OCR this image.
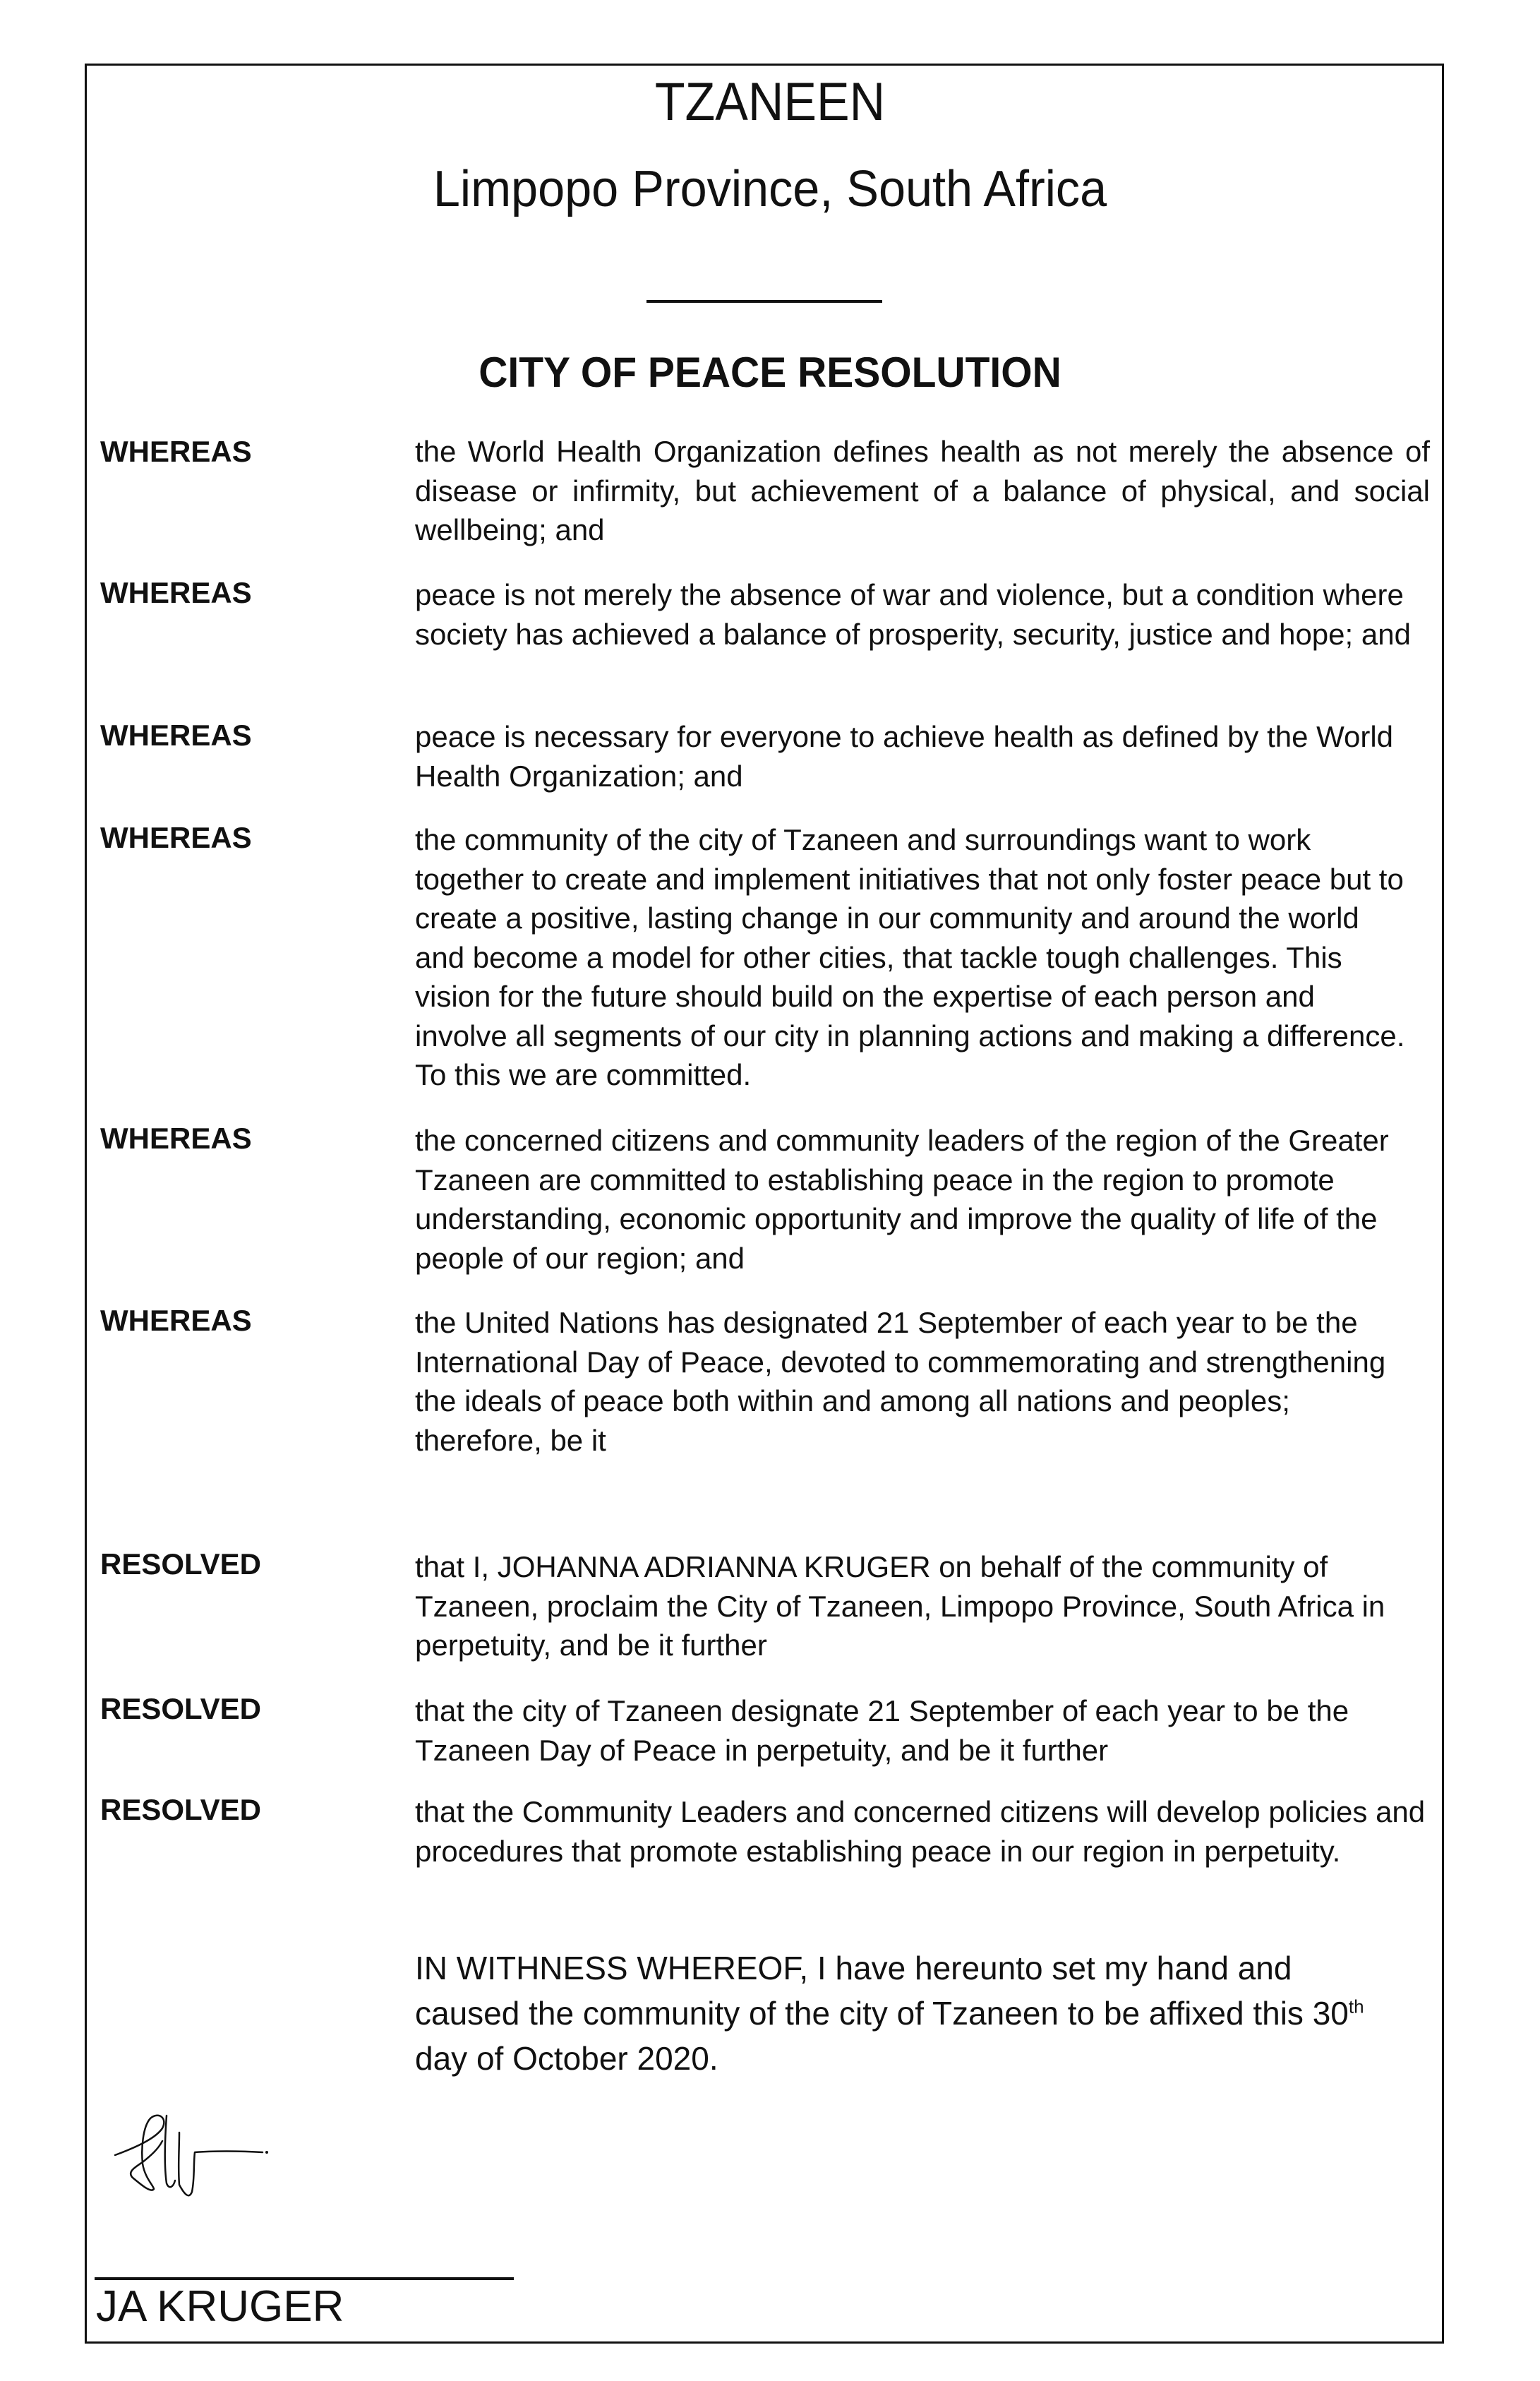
TZANEEN
Limpopo Province, South Africa
CITY OF PEACE RESOLUTION
WHEREAS	the World Health Organization defines health as not merely the absence of disease or infirmity, but achievement of a balance of physical, and social wellbeing; and
WHEREAS	peace is not merely the absence of war and violence, but a condition where society has achieved a balance of prosperity, security, justice and hope; and
WHEREAS	peace is necessary for everyone to achieve health as defined by the World Health Organization; and
WHEREAS	the community of the city of Tzaneen and surroundings want to work together to create and implement initiatives that not only foster peace but to create a positive, lasting change in our community and around the world and become a model for other cities, that tackle tough challenges. This vision for the future should build on the expertise of each person and involve all segments of our city in planning actions and making a difference. To this we are committed.
WHEREAS	the concerned citizens and community leaders of the region of the Greater Tzaneen are committed to establishing peace in the region to promote understanding, economic opportunity and improve the quality of life of the people of our region; and
WHEREAS	the United Nations has designated 21 September of each year to be the International Day of Peace, devoted to commemorating and strengthening the ideals of peace both within and among all nations and peoples; therefore, be it
RESOLVED	that I, JOHANNA ADRIANNA KRUGER on behalf of the community of Tzaneen, proclaim the City of Tzaneen, Limpopo Province, South Africa in perpetuity, and be it further
RESOLVED	that the city of Tzaneen designate 21 September of each year to be the Tzaneen Day of Peace in perpetuity, and be it further
RESOLVED	that the Community Leaders and concerned citizens will develop policies and procedures that promote establishing peace in our region in perpetuity.
IN WITHNESS WHEREOF, I have hereunto set my hand and caused the community of the city of Tzaneen to be affixed this 30th day of October 2020.
JA KRUGER
